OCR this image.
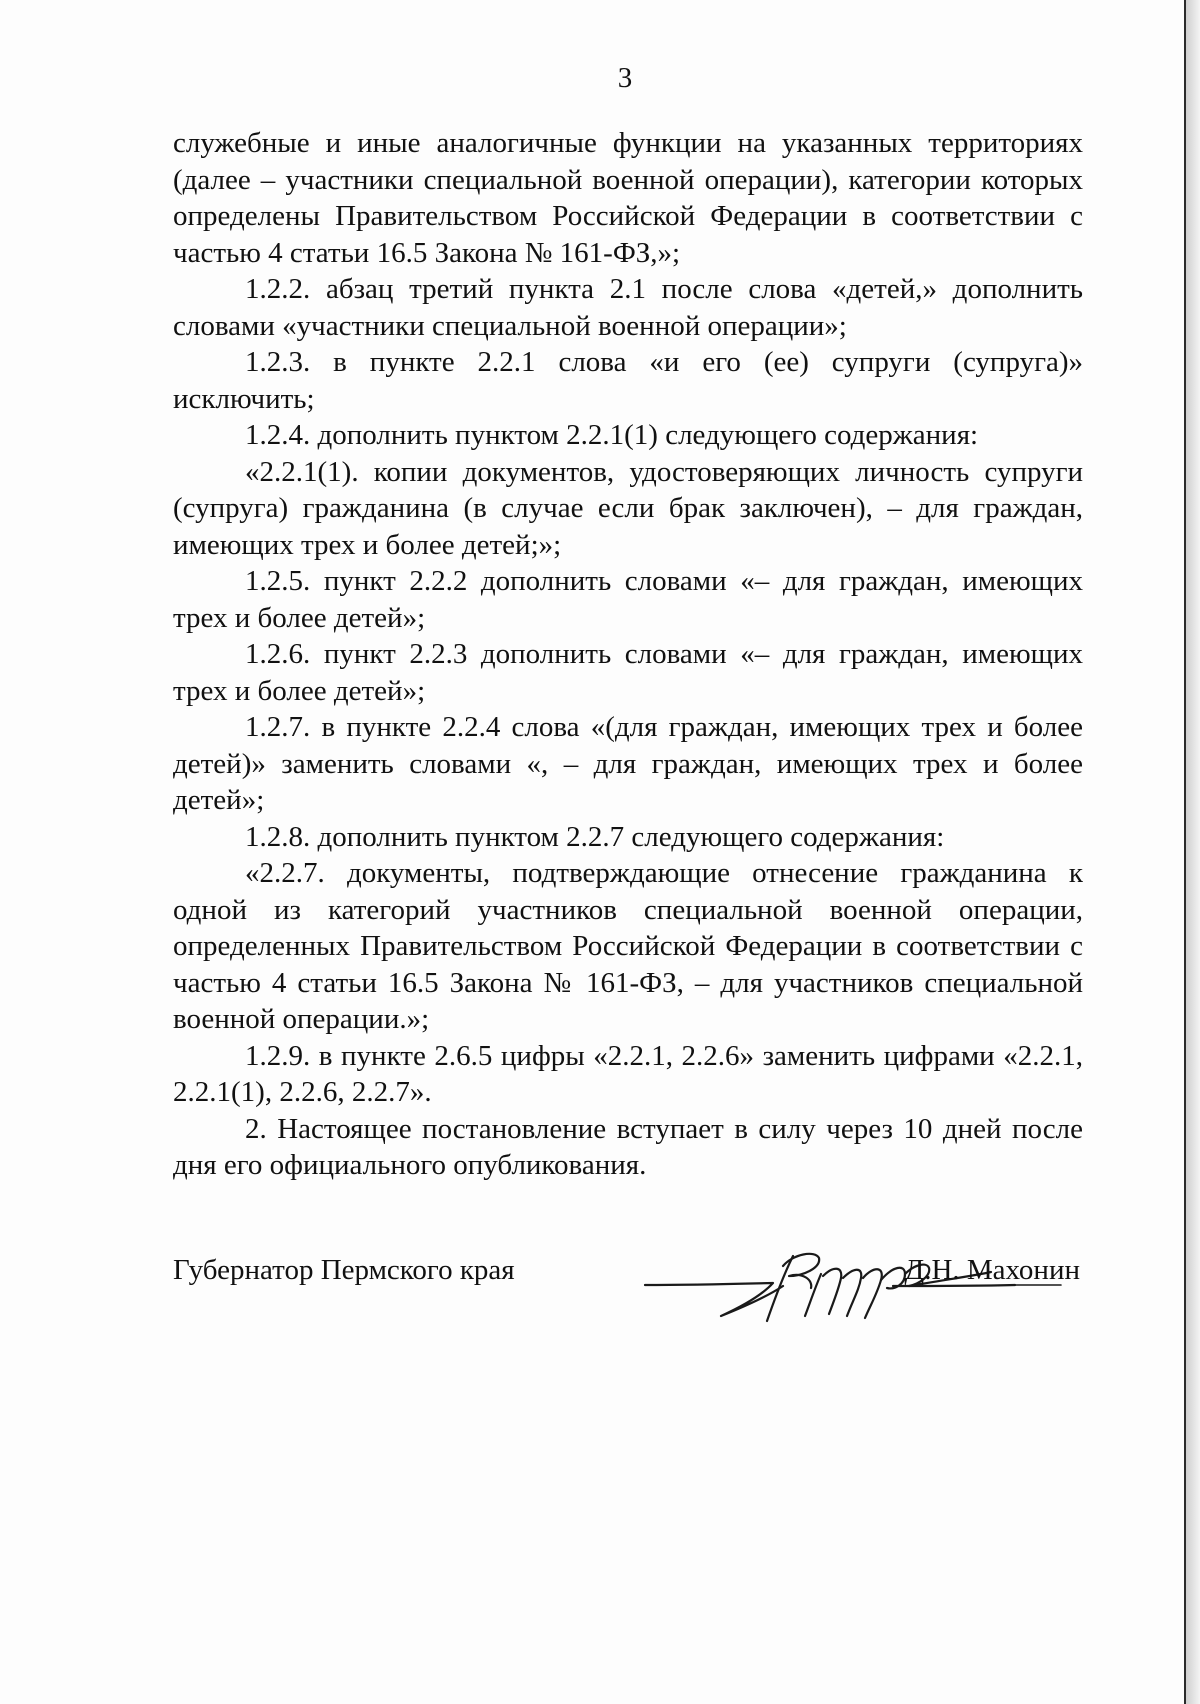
3

служебные и иные аналогичные функции на указанных территориях (далее – участники специальной военной операции), категории которых определены Правительством Российской Федерации в соответствии с частью 4 статьи 16.5 Закона № 161-ФЗ,»;

1.2.2. абзац третий пункта 2.1 после слова «детей,» дополнить словами «участники специальной военной операции»;

1.2.3. в пункте 2.2.1 слова «и его (ее) супруги (супруга)» исключить;

1.2.4. дополнить пунктом 2.2.1(1) следующего содержания:

«2.2.1(1). копии документов, удостоверяющих личность супруги (супруга) гражданина (в случае если брак заключен), – для граждан, имеющих трех и более детей;»;

1.2.5. пункт 2.2.2 дополнить словами «– для граждан, имеющих трех и более детей»;

1.2.6. пункт 2.2.3 дополнить словами «– для граждан, имеющих трех и более детей»;

1.2.7. в пункте 2.2.4 слова «(для граждан, имеющих трех и более детей)» заменить словами «, – для граждан, имеющих трех и более детей»;

1.2.8. дополнить пунктом 2.2.7 следующего содержания:

«2.2.7. документы, подтверждающие отнесение гражданина к одной из категорий участников специальной военной операции, определенных Правительством Российской Федерации в соответствии с частью 4 статьи 16.5 Закона № 161-ФЗ, – для участников специальной военной операции.»;

1.2.9. в пункте 2.6.5 цифры «2.2.1, 2.2.6» заменить цифрами «2.2.1, 2.2.1(1), 2.2.6, 2.2.7».

2. Настоящее постановление вступает в силу через 10 дней после дня его официального опубликования.

Губернатор Пермского края	Д.Н. Махонин
